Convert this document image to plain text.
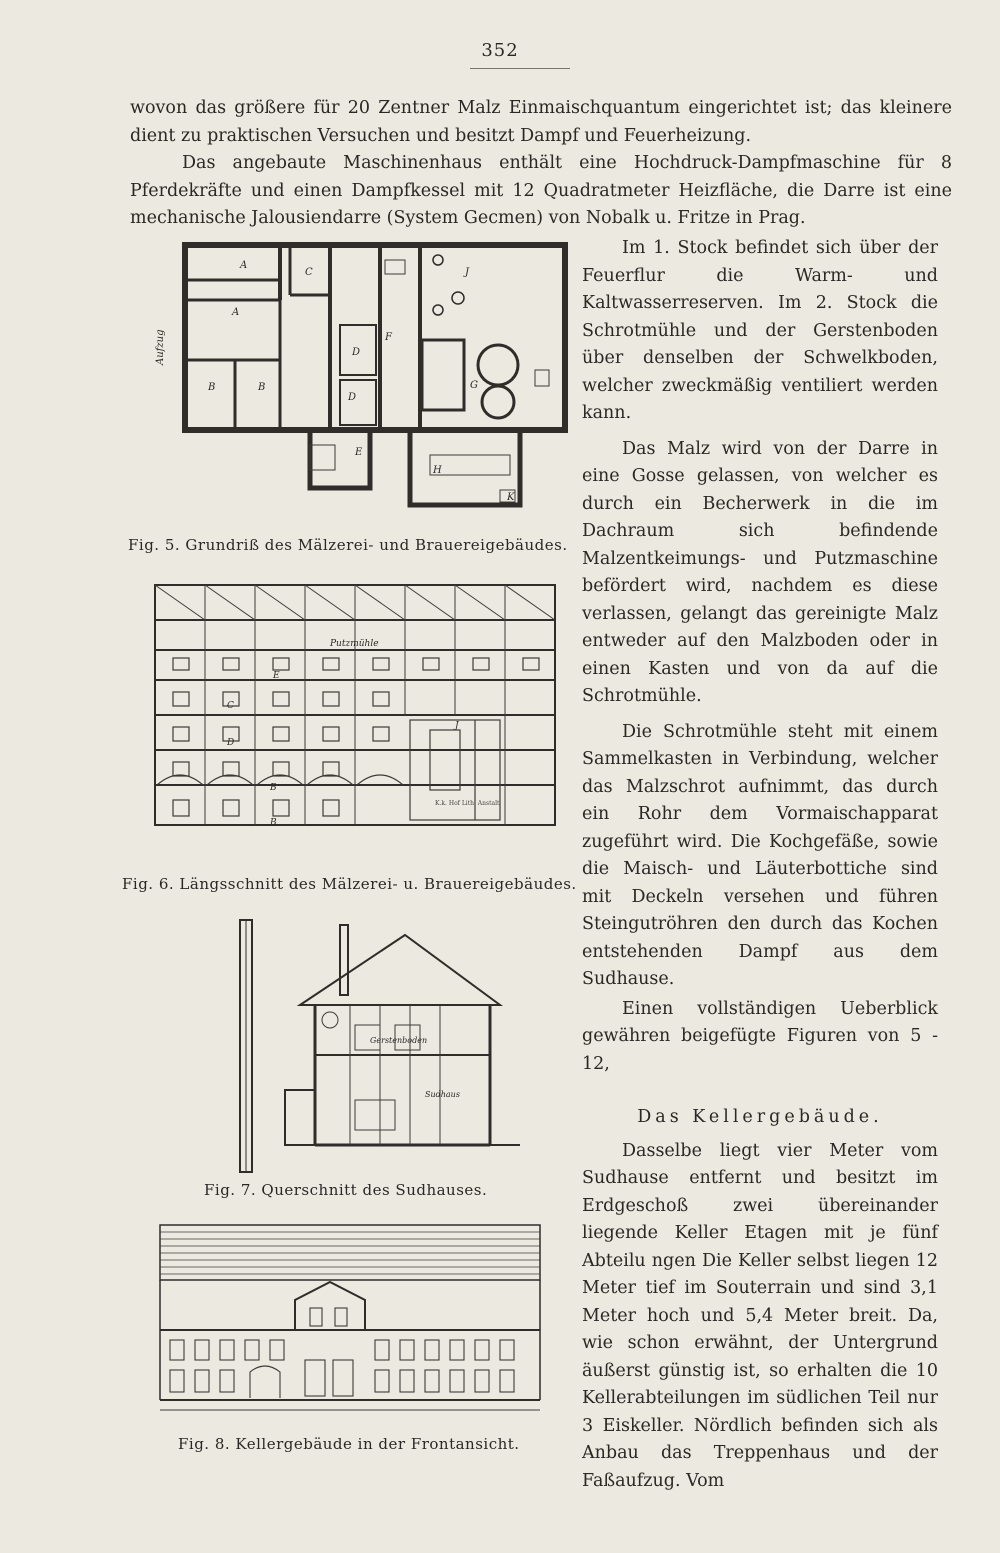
352

wovon das größere für 20 Zentner Malz Einmaischquantum eingerichtet ist; das kleinere dient zu praktischen Versuchen und besitzt Dampf und Feuerheizung.

Das angebaute Maschinenhaus enthält eine Hochdruck-Dampfmaschine für 8 Pferdekräfte und einen Dampfkessel mit 12 Quadratmeter Heizfläche, die Darre ist eine mechanische Jalousiendarre (System Gecmen) von Nobalk u. Fritze in Prag.

Im 1. Stock befindet sich über der Feuerflur die Warm- und Kaltwasserreserven. Im 2. Stock die Schrotmühle und der Gerstenboden über denselben der Schwelkboden, welcher zweckmäßig ventiliert werden kann.

Das Malz wird von der Darre in eine Gosse gelassen, von welcher es durch ein Becherwerk in die im Dachraum sich befindende Malzentkeimungs- und Putzmaschine befördert wird, nachdem es diese verlassen, gelangt das gereinigte Malz entweder auf den Malzboden oder in einen Kasten und von da auf die Schrotmühle.

Die Schrotmühle steht mit einem Sammelkasten in Verbindung, welcher das Malzschrot aufnimmt, das durch ein Rohr dem Vormaischapparat zugeführt wird. Die Kochgefäße, sowie die Maisch- und Läuterbottiche sind mit Deckeln versehen und führen Steingutröhren den durch das Kochen entstehenden Dampf aus dem Sudhause.

Einen vollständigen Ueberblick gewähren beigefügte Figuren von 5 - 12,

Das Kellergebäude.

Dasselbe liegt vier Meter vom Sudhause entfernt und besitzt im Erdgeschoß zwei übereinander liegende Keller Etagen mit je fünf Abteilu ngen Die Keller selbst liegen 12 Meter tief im Souterrain und sind 3,1 Meter hoch und 5,4 Meter breit. Da, wie schon erwähnt, der Untergrund äußerst günstig ist, so erhalten die 10 Kellerabteilungen im südlichen Teil nur 3 Eiskeller. Nördlich befinden sich als Anbau das Treppenhaus und der Faßaufzug. Vom

A
A
C	J
D
F
D
B	B	G
E
H
K
Aufzug
Fig. 5. Grundriß des Mälzerei- und Brauereigebäudes.
Putzmühle
E
C
D
B
B
J
K.k. Hof Lith. Anstalt
Fig. 6. Längsschnitt des Mälzerei- u. Brauereigebäudes.
Gerstenboden
Sudhaus
Fig. 7. Querschnitt des Sudhauses.
Fig. 8. Kellergebäude in der Frontansicht.
